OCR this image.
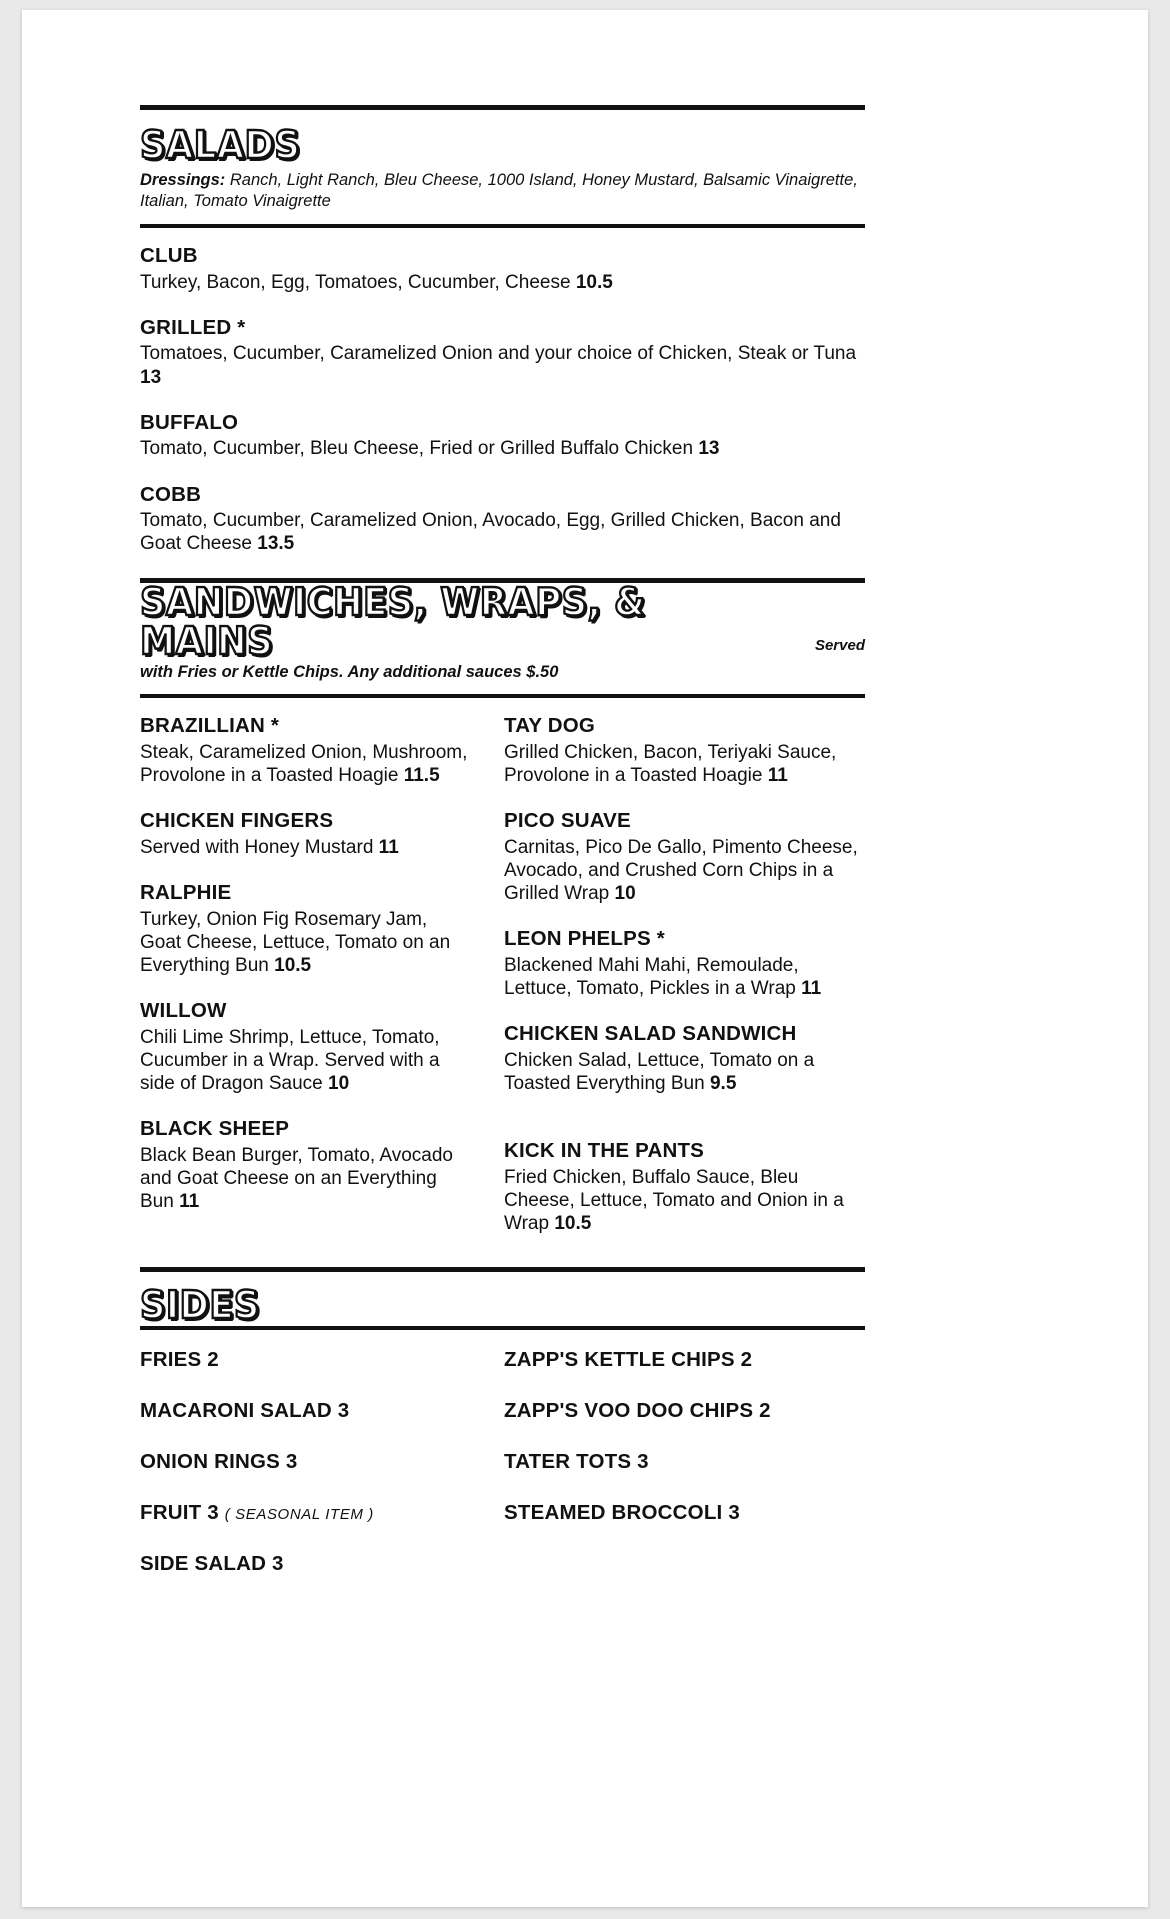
SALADS

Dressings: Ranch, Light Ranch, Bleu Cheese, 1000 Island, Honey Mustard, Balsamic Vinaigrette, Italian, Tomato Vinaigrette

CLUB

Turkey, Bacon, Egg, Tomatoes, Cucumber, Cheese 10.5

GRILLED *

Tomatoes, Cucumber, Caramelized Onion and your choice of Chicken, Steak or Tuna 13

BUFFALO

Tomato, Cucumber, Bleu Cheese, Fried or Grilled Buffalo Chicken 13

COBB

Tomato, Cucumber, Caramelized Onion, Avocado, Egg, Grilled Chicken, Bacon and Goat Cheese 13.5

SANDWICHES, WRAPS, & MAINS	Served
with Fries or Kettle Chips. Any additional sauces $.50
BRAZILLIAN *

Steak, Caramelized Onion, Mushroom, Provolone in a Toasted Hoagie 11.5

CHICKEN FINGERS

Served with Honey Mustard 11

RALPHIE

Turkey, Onion Fig Rosemary Jam, Goat Cheese, Lettuce, Tomato on an Everything Bun 10.5

WILLOW

Chili Lime Shrimp, Lettuce, Tomato, Cucumber in a Wrap. Served with a side of Dragon Sauce 10

BLACK SHEEP

Black Bean Burger, Tomato, Avocado and Goat Cheese on an Everything Bun 11

TAY DOG

Grilled Chicken, Bacon, Teriyaki Sauce, Provolone in a Toasted Hoagie 11

PICO SUAVE

Carnitas, Pico De Gallo, Pimento Cheese, Avocado, and Crushed Corn Chips in a Grilled Wrap 10

LEON PHELPS *

Blackened Mahi Mahi, Remoulade, Lettuce, Tomato, Pickles in a Wrap 11

CHICKEN SALAD SANDWICH

Chicken Salad, Lettuce, Tomato on a Toasted Everything Bun 9.5

KICK IN THE PANTS

Fried Chicken, Buffalo Sauce, Bleu Cheese, Lettuce, Tomato and Onion in a Wrap 10.5

SIDES
FRIES 2
MACARONI SALAD 3
ONION RINGS 3
FRUIT 3 ( SEASONAL ITEM )
SIDE SALAD 3
ZAPP'S KETTLE CHIPS 2
ZAPP'S VOO DOO CHIPS 2
TATER TOTS 3
STEAMED BROCCOLI 3
